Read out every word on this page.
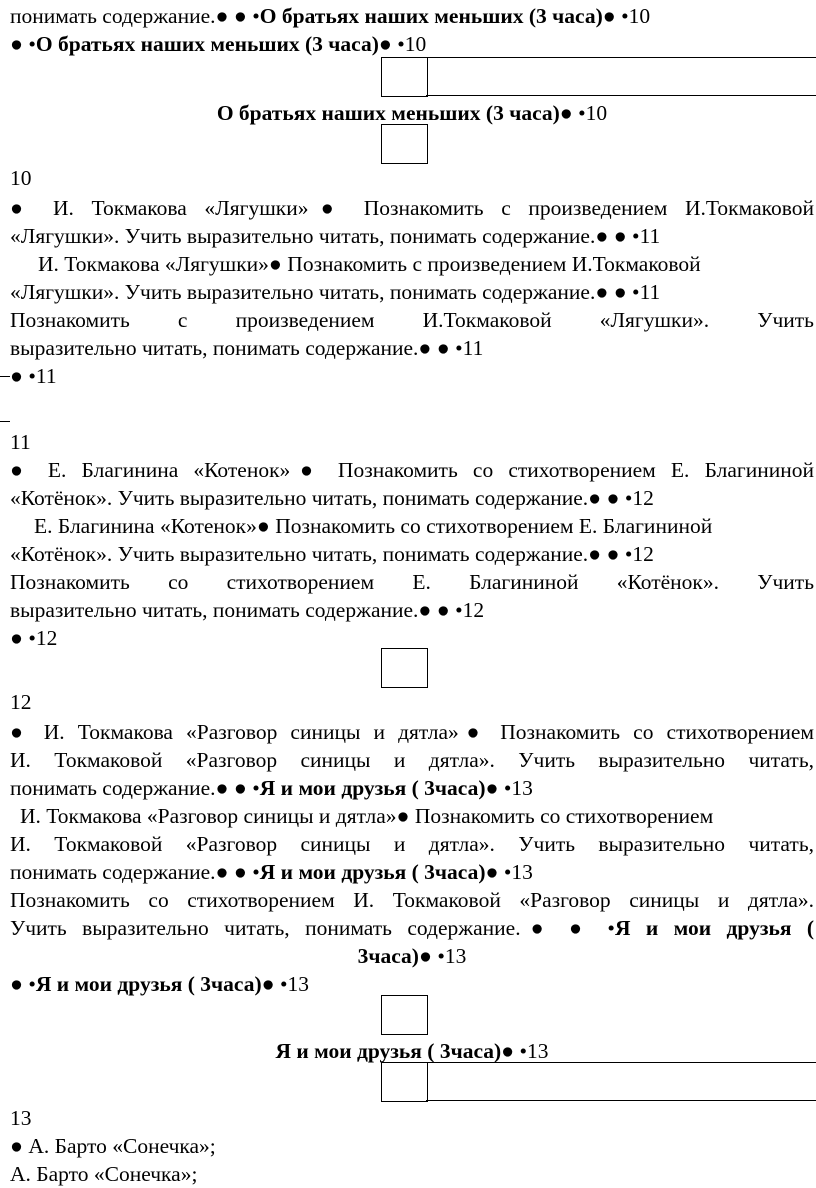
понимать содержание.● ● •О братьях наших меньших (3 часа)● •10
● •О братьях наших меньших (3 часа)● •10
О братьях наших меньших (3 часа)● •10
10
● И. Токмакова «Лягушки»● Познакомить с произведением И.Токмаковой
«Лягушки». Учить выразительно читать, понимать содержание.● ● •11
И. Токмакова «Лягушки»● Познакомить с произведением И.Токмаковой
«Лягушки». Учить выразительно читать, понимать содержание.● ● •11
Познакомить с произведением И.Токмаковой «Лягушки». Учить
выразительно читать, понимать содержание.● ● •11
● •11
11
● Е. Благинина «Котенок»● Познакомить со стихотворением Е. Благининой
«Котёнок». Учить выразительно читать, понимать содержание.● ● •12
Е. Благинина «Котенок»● Познакомить со стихотворением Е. Благининой
«Котёнок». Учить выразительно читать, понимать содержание.● ● •12
Познакомить со стихотворением Е. Благининой «Котёнок». Учить
выразительно читать, понимать содержание.● ● •12
● •12
12
● И. Токмакова «Разговор синицы и дятла»● Познакомить со стихотворением
И. Токмаковой «Разговор синицы и дятла». Учить выразительно читать,
понимать содержание.● ● •Я и мои друзья ( 3часа)● •13
И. Токмакова «Разговор синицы и дятла»● Познакомить со стихотворением
И. Токмаковой «Разговор синицы и дятла». Учить выразительно читать,
понимать содержание.● ● •Я и мои друзья ( 3часа)● •13
Познакомить со стихотворением И. Токмаковой «Разговор синицы и дятла».
Учить выразительно читать, понимать содержание.● ● •Я и мои друзья (
3часа)● •13
● •Я и мои друзья ( 3часа)● •13
Я и мои друзья ( 3часа)● •13
13
● А. Барто «Сонечка»;
А. Барто «Сонечка»;
